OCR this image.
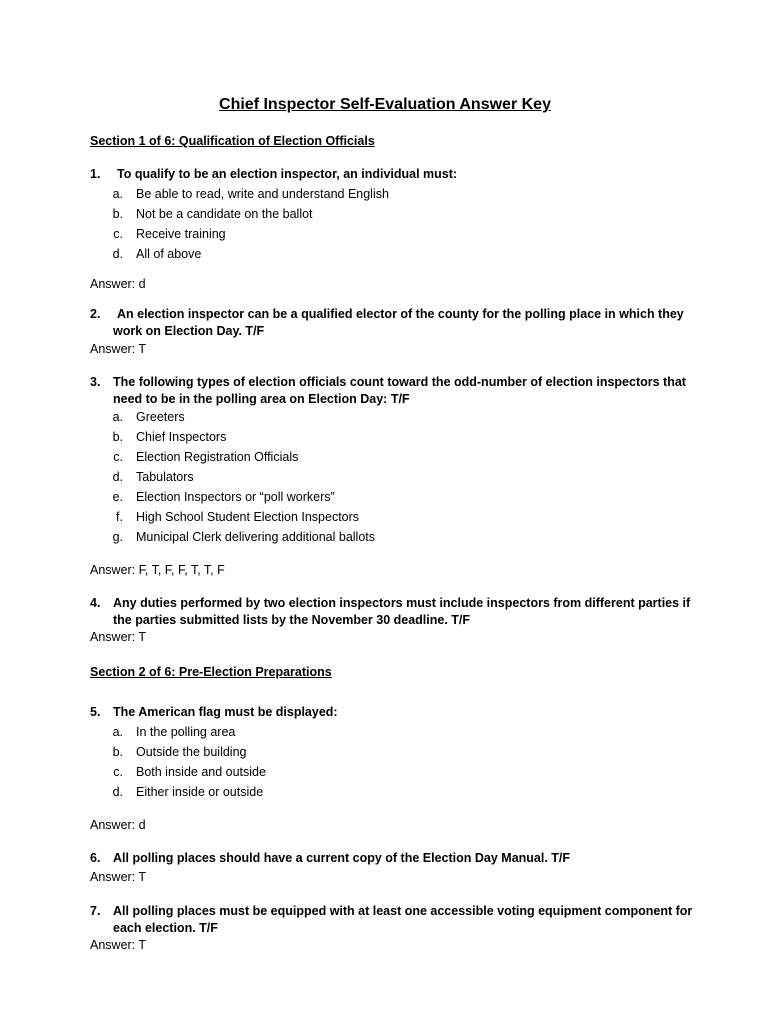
Chief Inspector Self-Evaluation Answer Key
Section 1 of 6: Qualification of Election Officials
1. To qualify to be an election inspector, an individual must:
a. Be able to read, write and understand English
b. Not be a candidate on the ballot
c. Receive training
d. All of above
Answer: d
2. An election inspector can be a qualified elector of the county for the polling place in which they
work on Election Day. T/F
Answer: T
3. The following types of election officials count toward the odd-number of election inspectors that
need to be in the polling area on Election Day: T/F
a. Greeters
b. Chief Inspectors
c. Election Registration Officials
d. Tabulators
e. Election Inspectors or “poll workers”
f. High School Student Election Inspectors
g. Municipal Clerk delivering additional ballots
Answer: F, T, F, F, T, T, F
4. Any duties performed by two election inspectors must include inspectors from different parties if
the parties submitted lists by the November 30 deadline. T/F
Answer: T
Section 2 of 6: Pre-Election Preparations
5. The American flag must be displayed:
a. In the polling area
b. Outside the building
c. Both inside and outside
d. Either inside or outside
Answer: d
6. All polling places should have a current copy of the Election Day Manual. T/F
Answer: T
7. All polling places must be equipped with at least one accessible voting equipment component for
each election. T/F
Answer: T
